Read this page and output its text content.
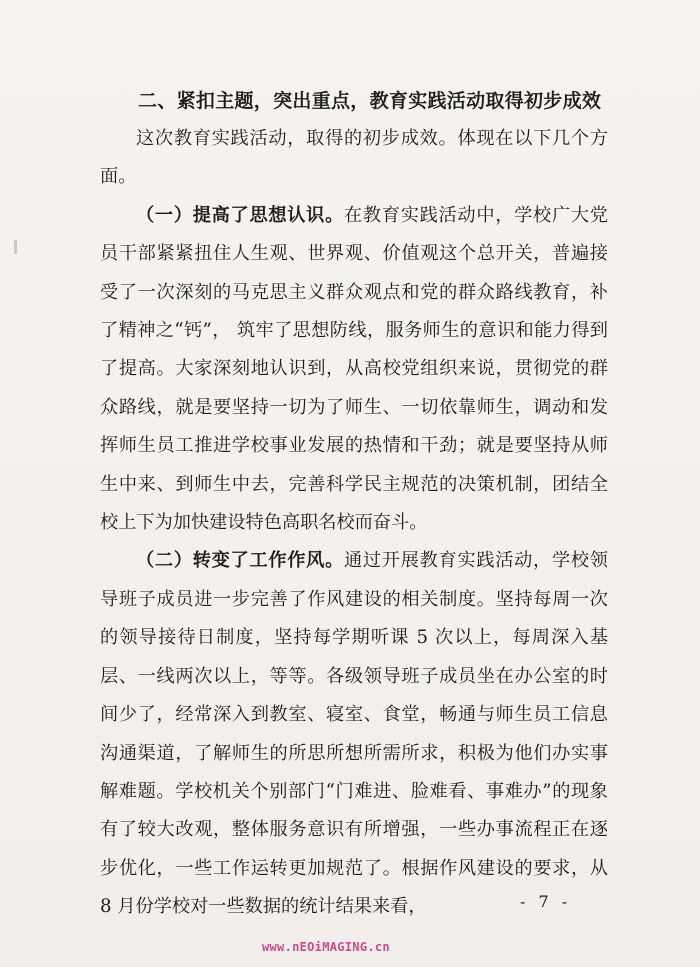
二、紧扣主题，突出重点，教育实践活动取得初步成效

这次教育实践活动，取得的初步成效。体现在以下几个方面。

（一）提高了思想认识。在教育实践活动中，学校广大党员干部紧紧扭住人生观、世界观、价值观这个总开关，普遍接受了一次深刻的马克思主义群众观点和党的群众路线教育，补了精神之“钙”， 筑牢了思想防线，服务师生的意识和能力得到了提高。大家深刻地认识到，从高校党组织来说，贯彻党的群众路线，就是要坚持一切为了师生、一切依靠师生，调动和发挥师生员工推进学校事业发展的热情和干劲；就是要坚持从师生中来、到师生中去，完善科学民主规范的决策机制，团结全校上下为加快建设特色高职名校而奋斗。

（二）转变了工作作风。通过开展教育实践活动，学校领导班子成员进一步完善了作风建设的相关制度。坚持每周一次的领导接待日制度，坚持每学期听课 5 次以上，每周深入基层、一线两次以上，等等。各级领导班子成员坐在办公室的时间少了，经常深入到教室、寝室、食堂，畅通与师生员工信息沟通渠道，了解师生的所思所想所需所求，积极为他们办实事解难题。学校机关个别部门“门难进、脸难看、事难办”的现象有了较大改观，整体服务意识有所增强，一些办事流程正在逐步优化，一些工作运转更加规范了。根据作风建设的要求，从 8 月份学校对一些数据的统计结果来看，	- 7 -
www.nEOiMAGING.cn
